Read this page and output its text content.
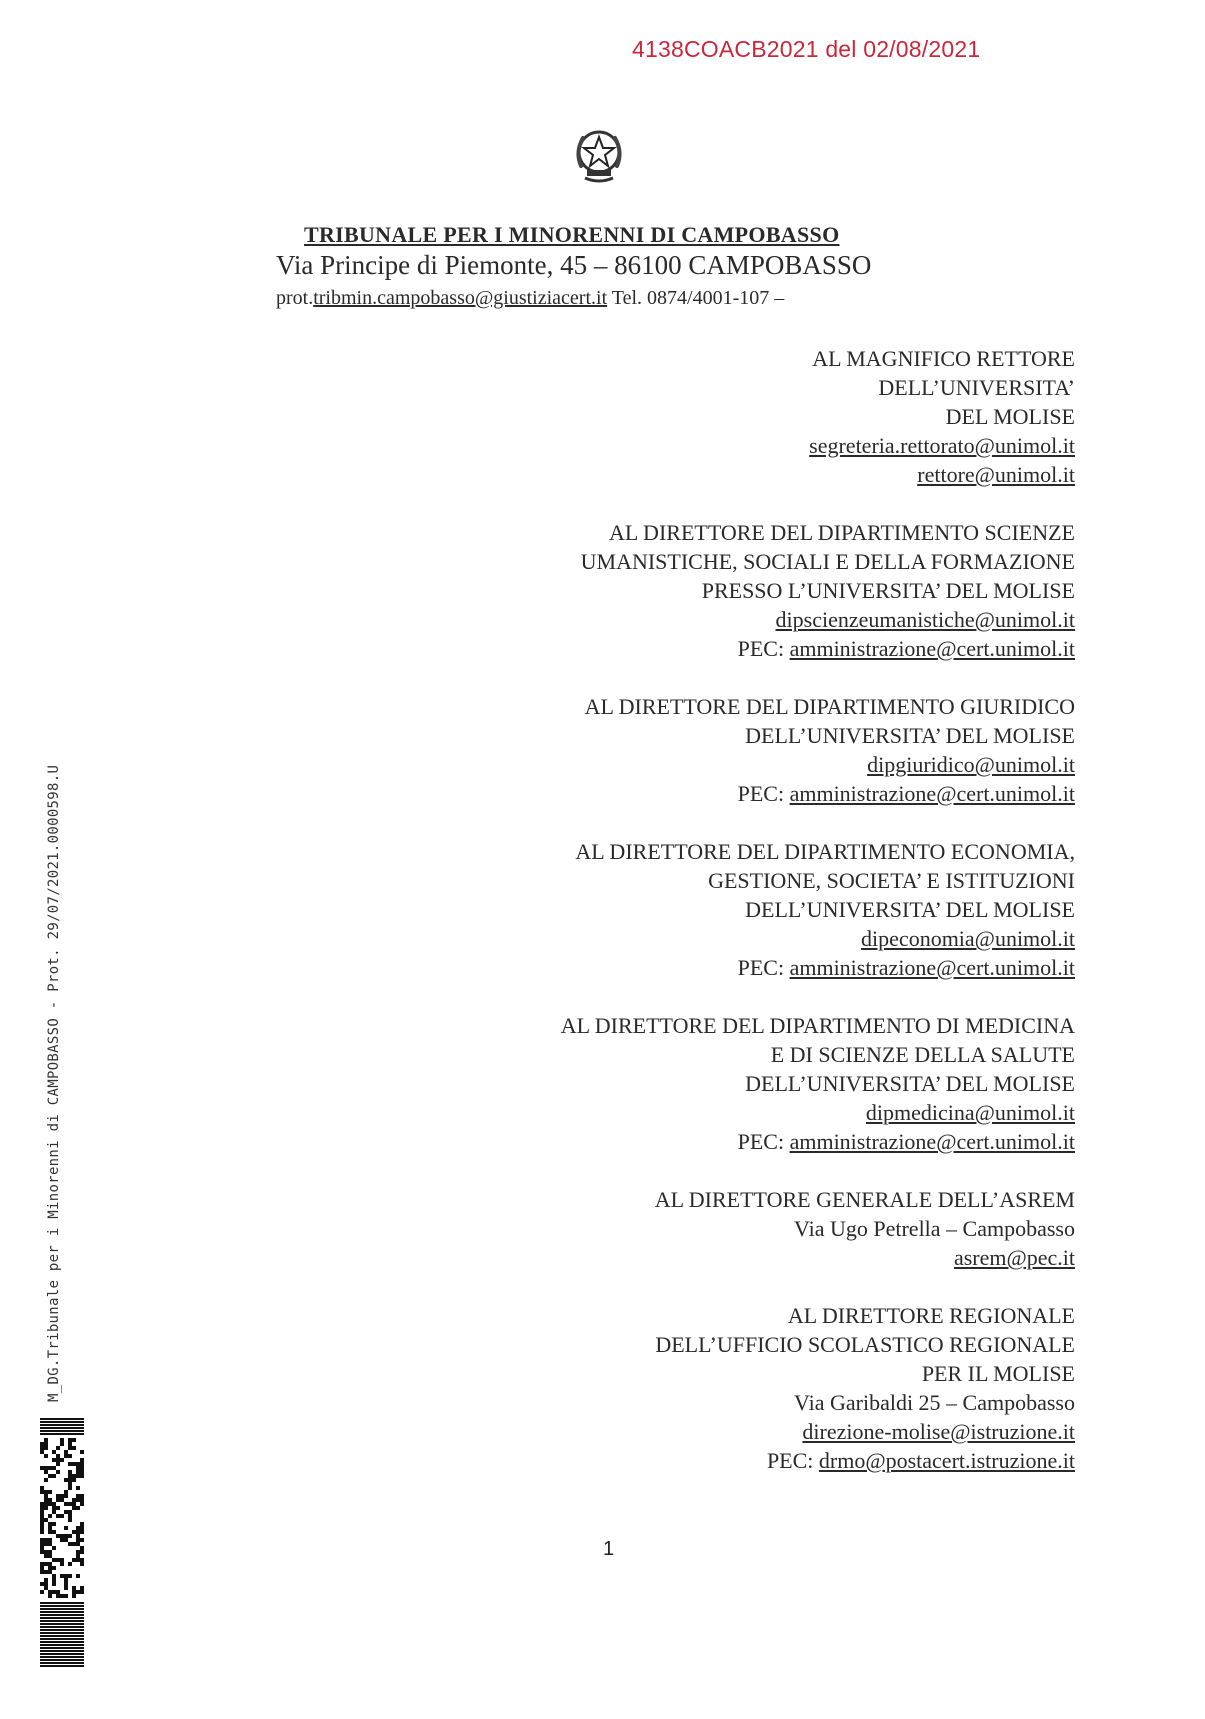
4138COACB2021 del 02/08/2021
TRIBUNALE PER I MINORENNI DI CAMPOBASSO
Via Principe di Piemonte, 45 – 86100 CAMPOBASSO
prot.tribmin.campobasso@giustiziacert.it Tel. 0874/4001-107 –
AL MAGNIFICO RETTORE
DELL’UNIVERSITA’
DEL MOLISE
segreteria.rettorato@unimol.it
rettore@unimol.it
AL DIRETTORE DEL DIPARTIMENTO SCIENZE
UMANISTICHE, SOCIALI E DELLA FORMAZIONE
PRESSO L’UNIVERSITA’ DEL MOLISE
dipscienzeumanistiche@unimol.it
PEC: amministrazione@cert.unimol.it
AL DIRETTORE DEL DIPARTIMENTO GIURIDICO
DELL’UNIVERSITA’ DEL MOLISE
dipgiuridico@unimol.it
PEC: amministrazione@cert.unimol.it
AL DIRETTORE DEL DIPARTIMENTO ECONOMIA,
GESTIONE, SOCIETA’ E ISTITUZIONI
DELL’UNIVERSITA’ DEL MOLISE
dipeconomia@unimol.it
PEC: amministrazione@cert.unimol.it
AL DIRETTORE DEL DIPARTIMENTO DI MEDICINA
E DI SCIENZE DELLA SALUTE
DELL’UNIVERSITA’ DEL MOLISE
dipmedicina@unimol.it
PEC: amministrazione@cert.unimol.it
AL DIRETTORE GENERALE DELL’ASREM
Via Ugo Petrella – Campobasso
asrem@pec.it
AL DIRETTORE REGIONALE
DELL’UFFICIO SCOLASTICO REGIONALE
PER IL MOLISE
Via Garibaldi 25 – Campobasso
direzione-molise@istruzione.it
PEC: drmo@postacert.istruzione.it
1
M_DG.Tribunale per i Minorenni di CAMPOBASSO - Prot. 29/07/2021.0000598.U
